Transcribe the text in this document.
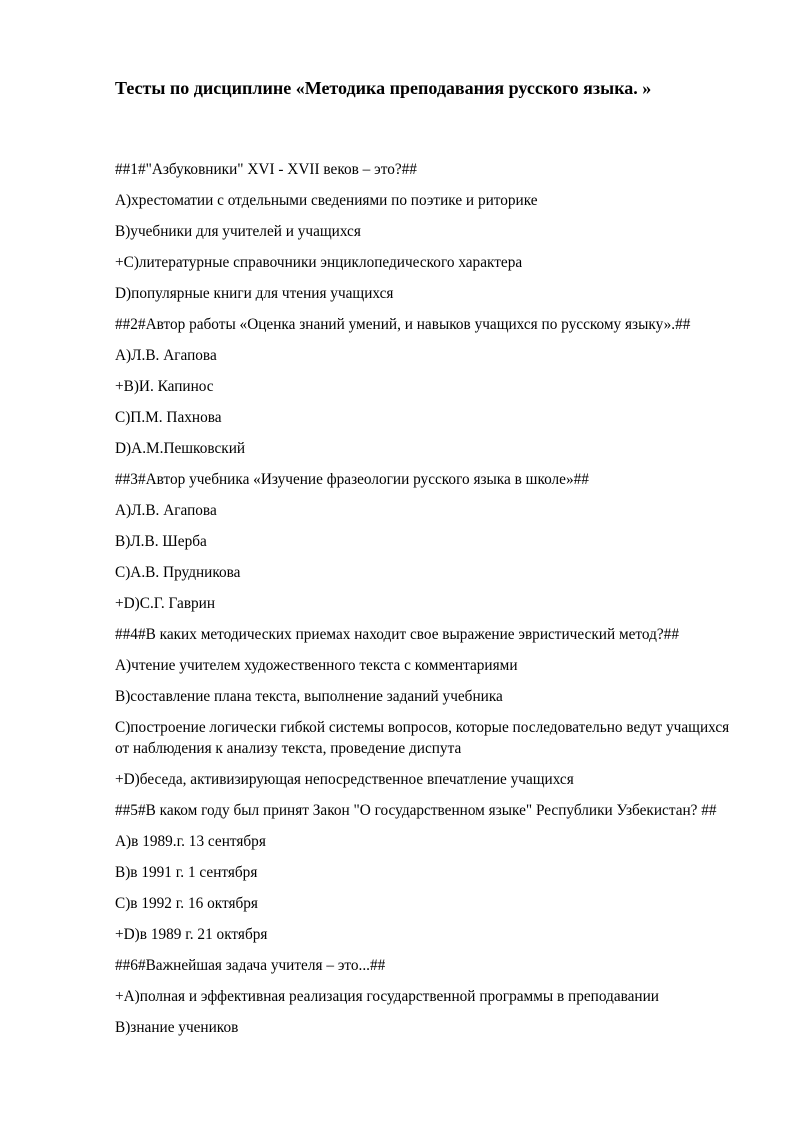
Тесты по дисциплине «Методика преподавания русского языка. »

##1#"Азбуковники" XVI - XVII веков – это?##

A)хрестоматии с отдельными сведениями по поэтике и риторике

B)учебники для учителей и учащихся

+C)литературные справочники энциклопедического характера

D)популярные книги для чтения учащихся

##2#Автор работы «Оценка знаний умений, и навыков учащихся по русскому языку».##

A)Л.В. Агапова

+B)И. Капинос

C)П.М. Пахнова

D)А.М.Пешковский

##3#Автор учебника «Изучение фразеологии русского языка в школе»##

A)Л.В. Агапова

B)Л.В. Шерба

C)А.В. Прудникова

+D)С.Г. Гаврин

##4#В каких методических приемах находит свое выражение эвристический метод?##

A)чтение учителем художественного текста с комментариями

B)составление плана текста, выполнение заданий учебника

C)построение логически гибкой системы вопросов, которые последовательно ведут учащихся от наблюдения к анализу текста, проведение диспута

+D)беседа, активизирующая непосредственное впечатление учащихся

##5#В каком году был принят Закон "О государственном языке" Республики Узбекистан? ##

A)в 1989.г. 13 сентября

B)в 1991 г. 1 сентября

C)в 1992 г. 16 октября

+D)в 1989 г. 21 октября

##6#Важнейшая задача учителя – это...##

+A)полная и эффективная реализация государственной программы в преподавании

B)знание учеников
